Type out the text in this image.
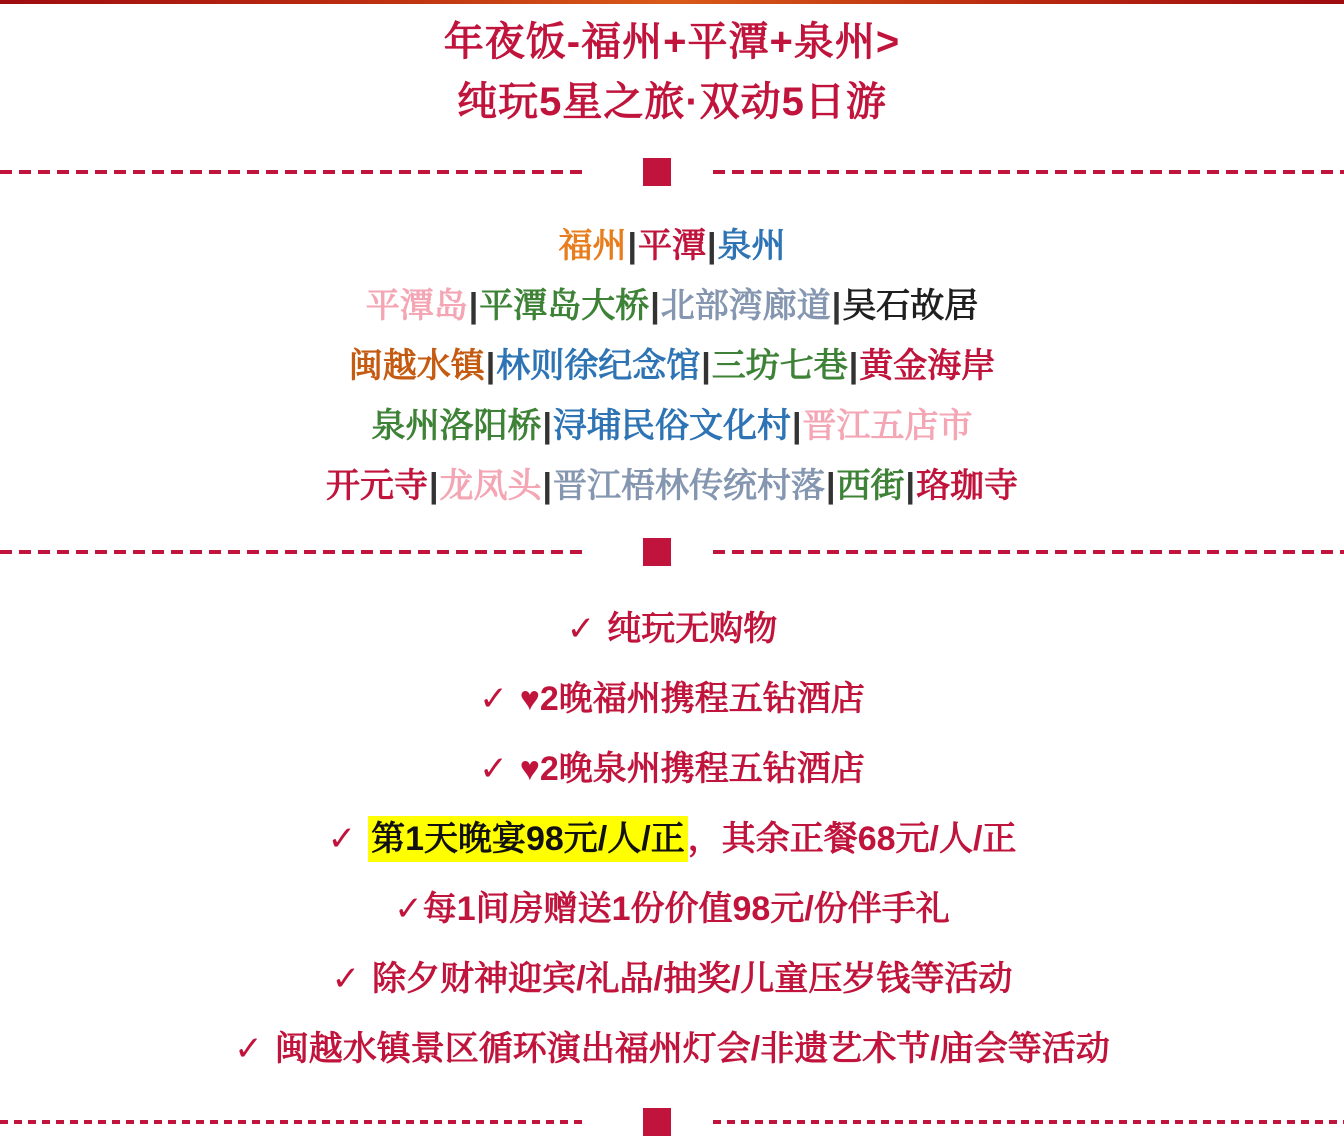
年夜饭-福州+平潭+泉州>
纯玩5星之旅·双动5日游
福州|平潭|泉州
平潭岛|平潭岛大桥|北部湾廊道|吴石故居
闽越水镇|林则徐纪念馆|三坊七巷|黄金海岸
泉州洛阳桥|浔埔民俗文化村|晋江五店市
开元寺|龙凤头|晋江梧林传统村落|西街|珞珈寺
✓ 纯玩无购物
✓ ♥2晚福州携程五钻酒店
✓ ♥2晚泉州携程五钻酒店
✓ 第1天晚宴98元/人/正，其余正餐68元/人/正
✓每1间房赠送1份价值98元/份伴手礼
✓ 除夕财神迎宾/礼品/抽奖/儿童压岁钱等活动
✓ 闽越水镇景区循环演出福州灯会/非遗艺术节/庙会等活动
